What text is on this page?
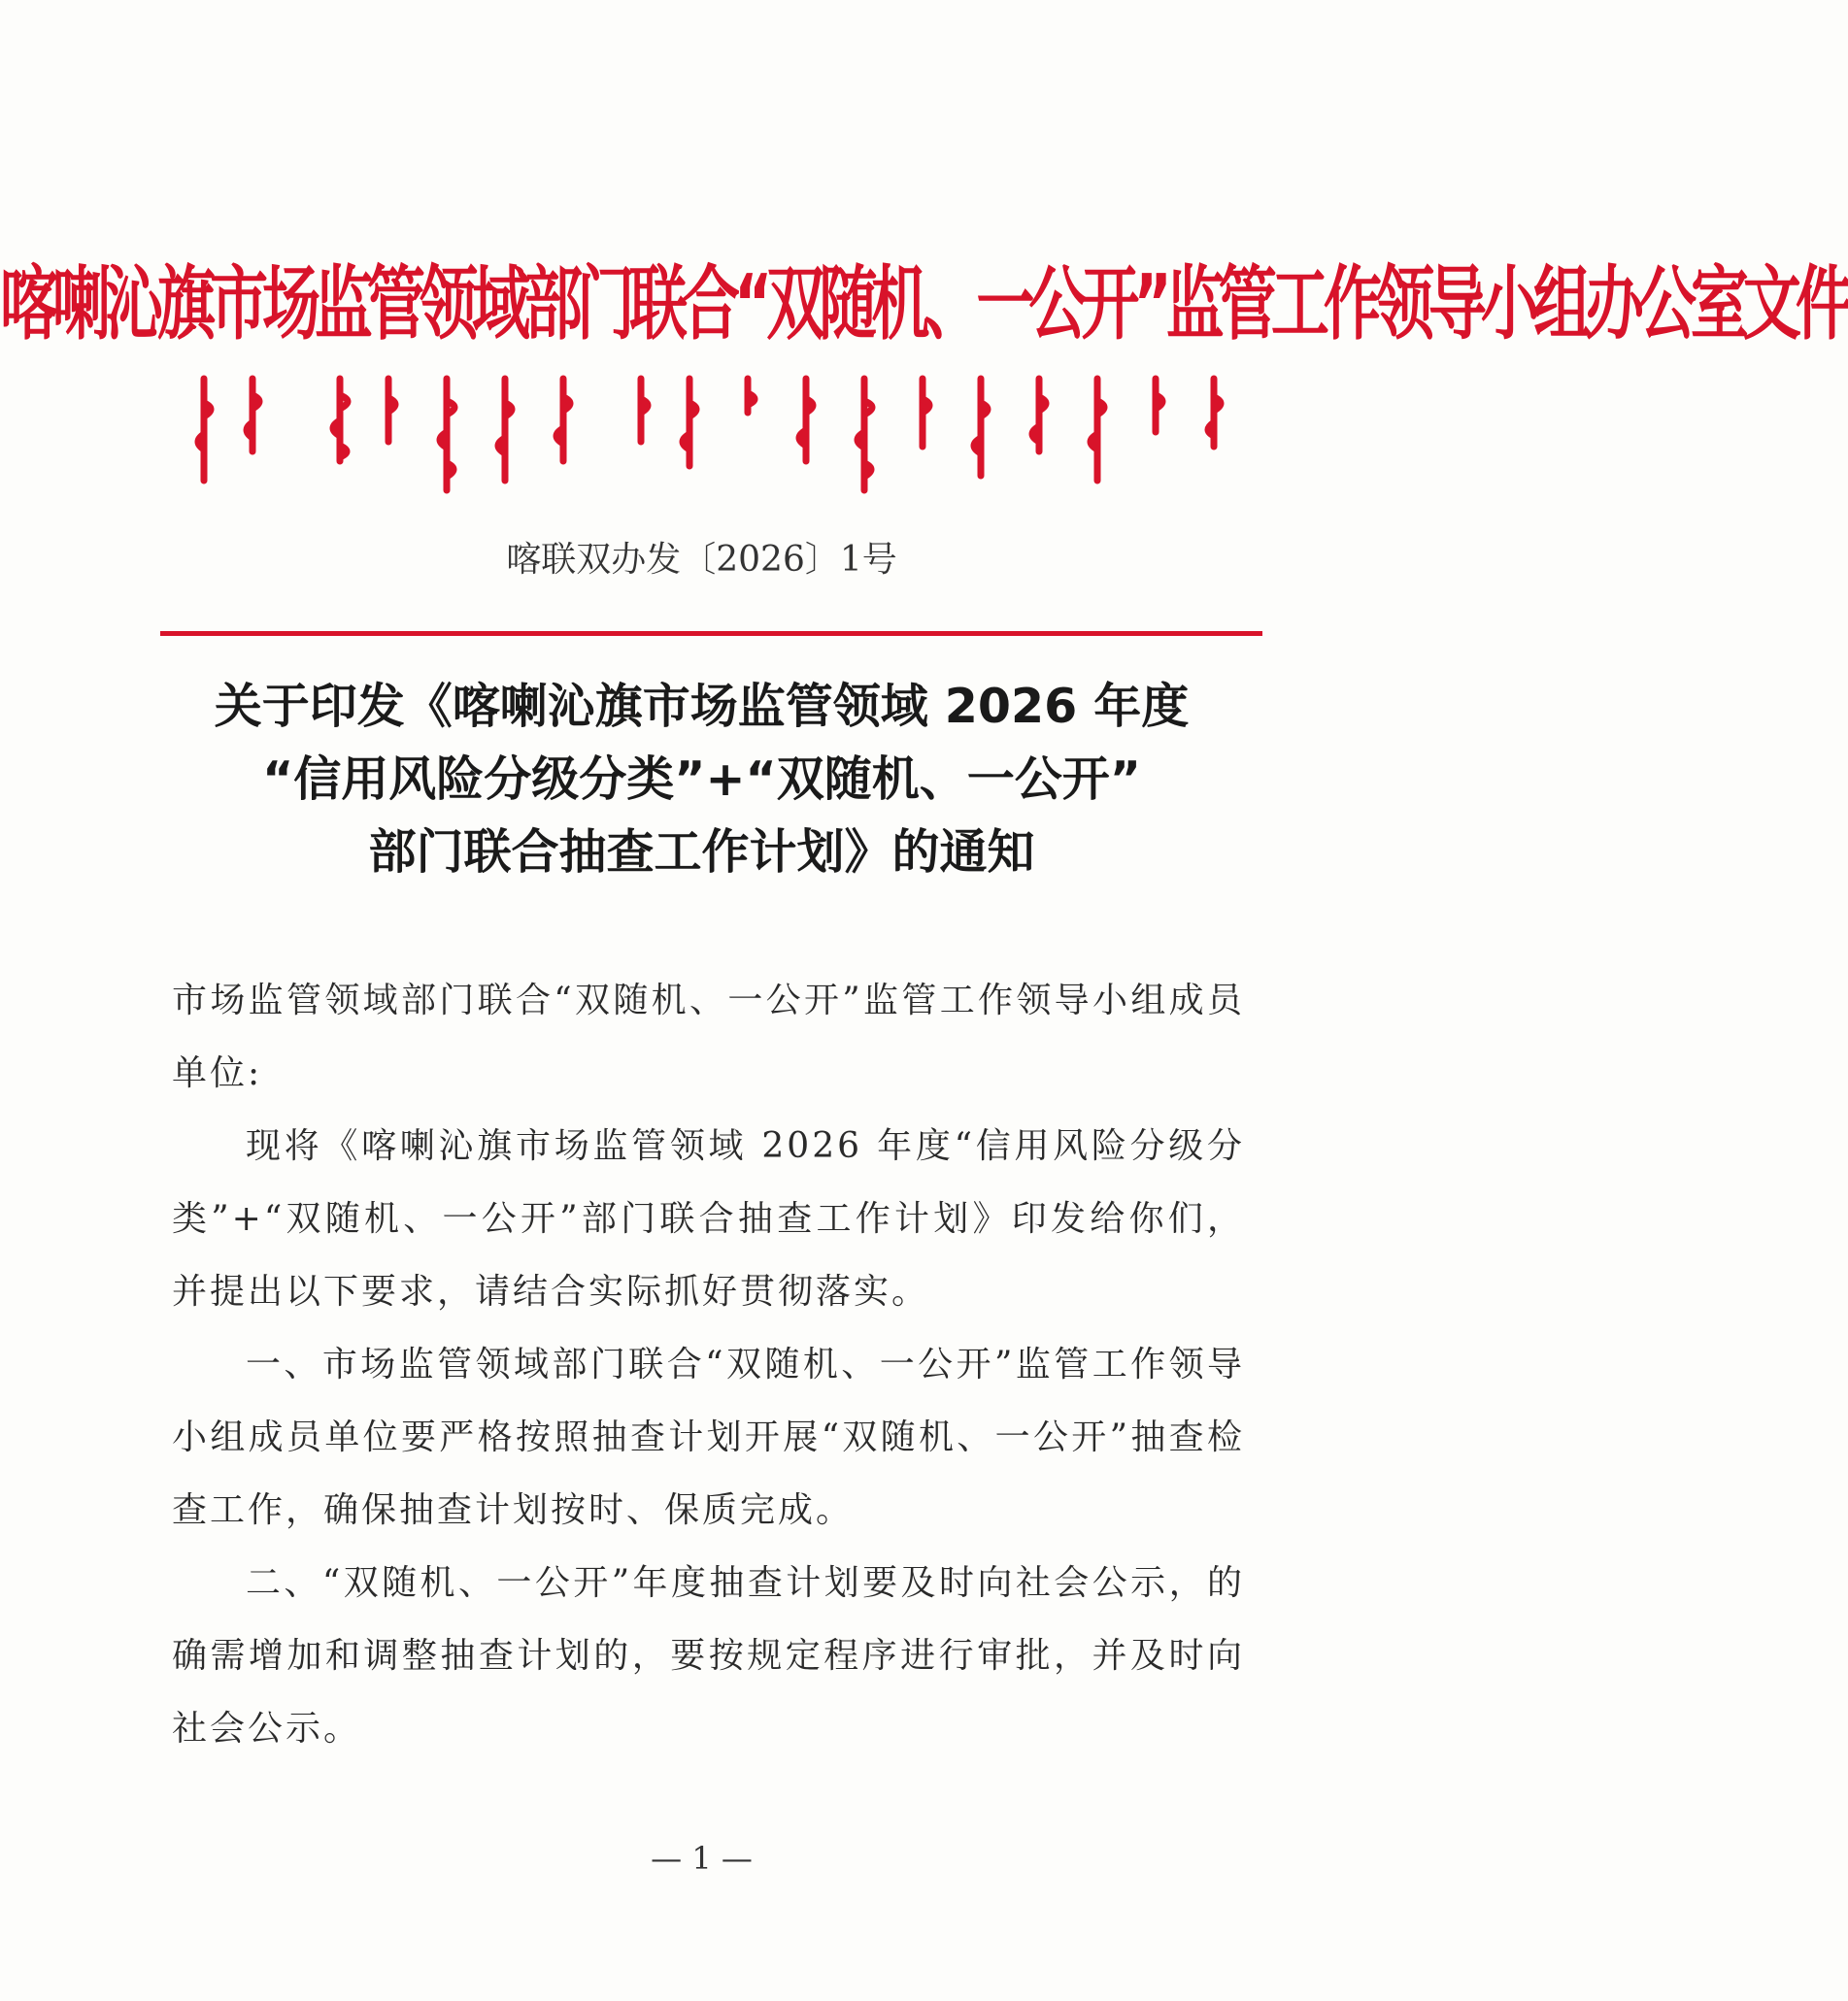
喀喇沁旗市场监管领域部门联合“双随机、一公开”监管工作领导小组办公室文件
喀联双办发〔2026〕1号
关于印发《喀喇沁旗市场监管领域 2026 年度
“信用风险分级分类”+“双随机、一公开”
部门联合抽查工作计划》的通知

市场监管领域部门联合“双随机、一公开”监管工作领导小组成员单位:

现将《喀喇沁旗市场监管领域 2026 年度“信用风险分级分类”+“双随机、一公开”部门联合抽查工作计划》印发给你们，并提出以下要求，请结合实际抓好贯彻落实。

一、市场监管领域部门联合“双随机、一公开”监管工作领导小组成员单位要严格按照抽查计划开展“双随机、一公开”抽查检查工作，确保抽查计划按时、保质完成。

二、“双随机、一公开”年度抽查计划要及时向社会公示，的确需增加和调整抽查计划的，要按规定程序进行审批，并及时向社会公示。

— 1 —
